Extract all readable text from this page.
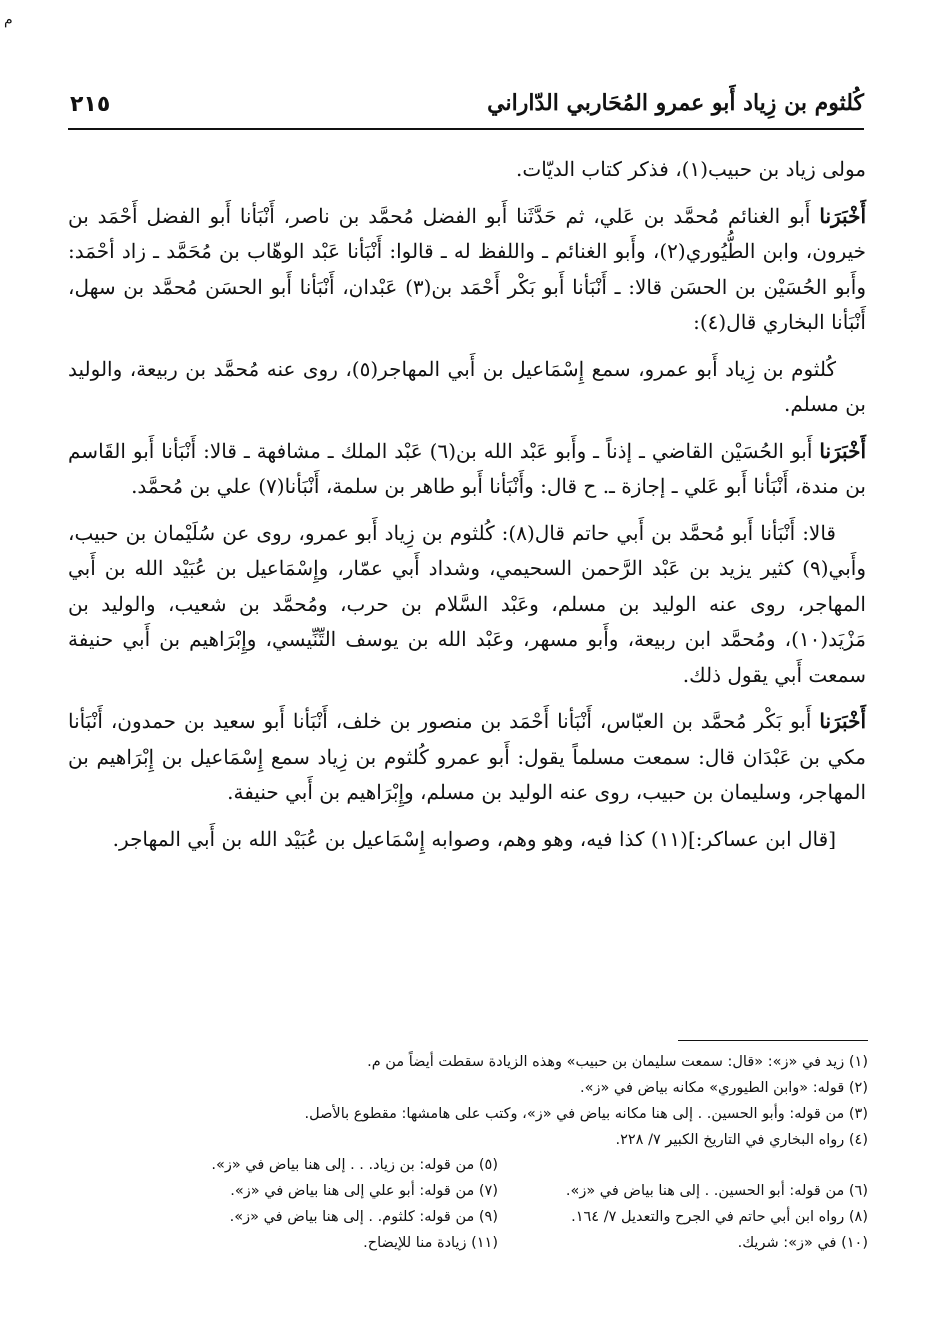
م
٢١٥	كُلثوم بن زِياد أَبو عمرو المُحَاربي الدّاراني

مولى زياد بن حبيب(١)، فذكر كتاب الديّات.

أَخْبَرَنا أَبو الغنائم مُحمَّد بن عَلي، ثم حَدَّثَنا أَبو الفضل مُحمَّد بن ناصر، أَنْبَأنا أَبو الفضل أَحْمَد بن خيرون، وابن الطُّيُوري(٢)، وأَبو الغنائم ـ واللفظ له ـ قالوا: أَنْبَأنا عَبْد الوهّاب بن مُحَمَّد ـ زاد أحْمَد: وأَبو الحُسَيْن بن الحسَن قالا: ـ أَنْبَأنا أَبو بَكْر أَحْمَد بن(٣) عَبْدان، أَنْبَأنا أَبو الحسَن مُحمَّد بن سهل، أَنْبَأنا البخاري قال(٤):

كُلثوم بن زِياد أَبو عمرو، سمع إِسْمَاعيل بن أَبي المهاجر(٥)، روى عنه مُحمَّد بن ربيعة، والوليد بن مسلم.

أَخْبَرَنا أَبو الحُسَيْن القاضي ـ إذناً ـ وأَبو عَبْد الله بن(٦) عَبْد الملك ـ مشافهة ـ قالا: أَنْبَأنا أَبو القَاسم بن مندة، أَنْبَأنا أَبو عَلي ـ إجازة ـ. ح قال: وأَنْبَأنا أَبو طاهر بن سلمة، أَنْبَأنا(٧) علي بن مُحمَّد.

قالا: أَنْبَأنا أَبو مُحمَّد بن أَبي حاتم قال(٨): كُلثوم بن زِياد أَبو عمرو، روى عن سُلَيْمان بن حبيب، وأَبي(٩) كثير يزيد بن عَبْد الرَّحمن السحيمي، وشداد أَبي عمّار، وإِسْمَاعيل بن عُبَيْد الله بن أَبي المهاجر، روى عنه الوليد بن مسلم، وعَبْد السَّلام بن حرب، ومُحمَّد بن شعيب، والوليد بن مَزْيَد(١٠)، ومُحمَّد ابن ربيعة، وأَبو مسهر، وعَبْد الله بن يوسف التِّنِّيسي، وإِبْرَاهيم بن أَبي حنيفة سمعت أَبي يقول ذلك.

أَخْبَرَنا أَبو بَكْر مُحمَّد بن العبّاس، أَنْبَأنا أَحْمَد بن منصور بن خلف، أَنْبَأنا أَبو سعيد بن حمدون، أَنْبَأنا مكي بن عَبْدَان قال: سمعت مسلماً يقول: أَبو عمرو كُلثوم بن زِياد سمع إِسْمَاعيل بن إِبْرَاهيم بن المهاجر، وسليمان بن حبيب، روى عنه الوليد بن مسلم، وإِبْرَاهيم بن أَبي حنيفة.

[قال ابن عساكر:](١١) كذا فيه، وهو وهم، وصوابه إِسْمَاعيل بن عُبَيْد الله بن أَبي المهاجر.

(١) زيد في «ز»: «قال: سمعت سليمان بن حبيب» وهذه الزيادة سقطت أيضاً من م.
(٢) قوله: «وابن الطيوري» مكانه بياض في «ز».
(٣) من قوله: وأبو الحسين. . إلى هنا مكانه بياض في «ز»، وكتب على هامشها: مقطوع بالأصل.
(٤) رواه البخاري في التاريخ الكبير ٧/ ٢٢٨.
(٥) من قوله: بن زياد. . . إلى هنا بياض في «ز».
(٦) من قوله: أبو الحسين. . إلى هنا بياض في «ز».
(٧) من قوله: أبو علي إلى هنا بياض في «ز».
(٨) رواه ابن أبي حاتم في الجرح والتعديل ٧/ ١٦٤.
(٩) من قوله: كلثوم. . إلى هنا بياض في «ز».
(١٠) في «ز»: شريك.
(١١) زيادة منا للإيضاح.
